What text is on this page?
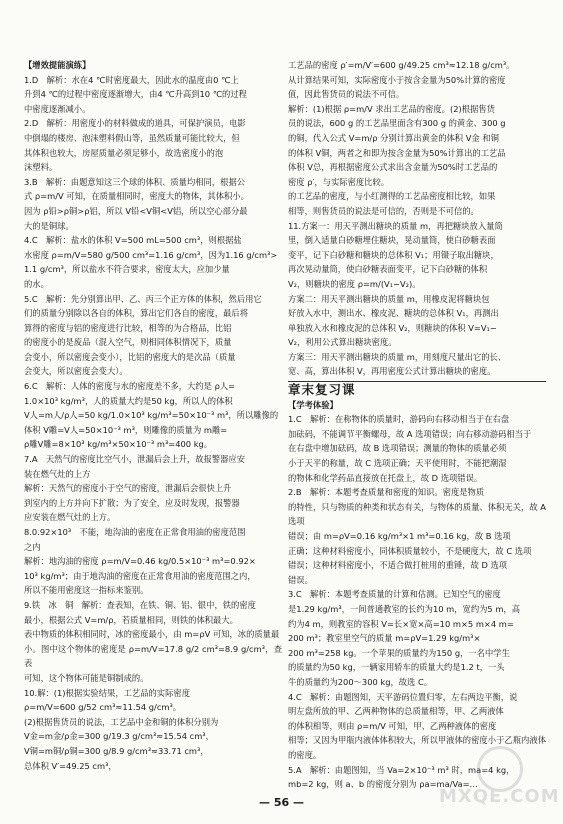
【增效提能演练】

1.D　解析：水在4 ℃时密度最大，因此水的温度由0 ℃上

升到4 ℃的过程中密度逐渐增大，由4 ℃升高到10 ℃的过程

中密度逐渐减小。

2.D　解析：用密度小的材料做成的道具，可保护演员，电影

中倒塌的楼房、泡沫塑料假山等，虽然质量可能比较大，但

其体积也较大，房屋质量必须足够小，故选密度小的泡

沫塑料。

3.B　解析：由题意知这三个球的体积、质量均相同，根据公

式 ρ=m/V 可知，在质量相同时，密度大的物体，其体积小。

因为 ρ铅>ρ铜>ρ铝，所以 V铅<V铜<V铝，所以空心部分最

大的是铜球。

4.C　解析：盐水的体积 V=500 mL=500 cm³，则根据盐

水密度 ρ=m/V=580 g/500 cm³=1.16 g/cm³，因为1.16 g/cm³>

1.1 g/cm³，所以盐水不符合要求，密度太大，应加少量

的水。

5.C　解析：先分别算出甲、乙、丙三个正方体的体积，然后用它

们的质量分别除以各自的体积，算出它们各自的密度，最后将

算得的密度与铝的密度进行比较，相等的为合格品，比铝

的密度小的是废品（混入空气，则相同体积情况下，质量

会变小，所以密度会变小），比铝的密度大的是次品（质量

会变大，所以密度会变大）。

6.C　解析：人体的密度与水的密度差不多，大约是 ρ人=

1.0×10³ kg/m³，人的质量大约是50 kg，所以人的体积

V人=m人/ρ人=50 kg/1.0×10³ kg/m³=50×10⁻³ m³，所以雕像的

体积 V雕=V人=50×10⁻³ m³，则雕像的质量为 m雕=

ρ雕V雕=8×10³ kg/m³×50×10⁻³ m³=400 kg。

7.A　天然气的密度比空气小，泄漏后会上升，故报警器应安

装在燃气灶的上方

解析：天然气的密度小于空气的密度，泄漏后会很快上升

到室内的上方并向下扩散；为了安全，应及时发现，报警器

应安装在燃气灶的上方。

8.0.92×10³　不能，地沟油的密度在正常食用油的密度范围

之内

解析：地沟油的密度 ρ=m/V=0.46 kg/0.5×10⁻³ m³=0.92×

10³ kg/m³；由于地沟油的密度在正常食用油的密度范围之内，

所以不能用密度这一指标来鉴别。

9.铁　冰　铜　解析：查表知，在铁、铜、铝、银中，铁的密度

最小，根据公式 V=m/ρ，若质量相同，则铁的体积最大。

表中物质的体积相同时，冰的密度最小，由 m=ρV 可知，冰的质量最

小。图中这个物体的密度是 ρ=m/V=17.8 g/2 cm³=8.9 g/cm³，查表

可知，这个物体可能是铜制成的。

10.解：(1)根据实验结果，工艺品的实际密度

ρ=m/V=600 g/52 cm³≈11.54 g/cm³。

(2)根据售货员的说法，工艺品中金和铜的体积分别为

V金=m金/ρ金=300 g/19.3 g/cm³≈15.54 cm³，

V铜=m铜/ρ铜=300 g/8.9 g/cm³≈33.71 cm³，

总体积 V′=49.25 cm³，

工艺品的密度 ρ′=m/V′=600 g/49.25 cm³≈12.18 g/cm³。

从计算结果可知，实际密度小于按含金量为50%计算的密度

值，因此售货员的说法不可信。

解析：(1)根据 ρ=m/V 求出工艺品的密度。(2)根据售货

员的说法，600 g 的工艺品里面含有300 g 的黄金、300 g

的铜，代入公式 V=m/ρ 分别计算出黄金的体积 V金 和铜

的体积 V铜，两者之和即为按含金量为50%计算出的工艺品

体积 V总，再根据密度公式求出含金量为50%时工艺品的

密度 ρ′，与实际密度比较。

的工艺品的密度，与小红测得的工艺品密度相比较，如果

相等，则售货员的说法是可信的，否则是不可信的。

11.方案一：用天平测出糖块的质量 m，再把糖块放入量筒

里，倒入适量白砂糖埋住糖块，晃动量筒，使白砂糖表面

变平，记下白砂糖和糖块的总体积 V₁；用镊子取出糖块，

再次晃动量筒，使白砂糖表面变平，记下白砂糖的体积

V₂，则糖块的密度 ρ=m/(V₁−V₂)。

方案二：用天平测出糖块的质量 m，用橡皮泥将糖块包

好放入水中，测出水、橡皮泥、糖块的总体积 V₁，再测出

单独放入水和橡皮泥的总体积 V₂，则糖块的体积 V=V₁−

V₂，利用公式算出糖块密度。

方案三：用天平测出糖块的质量 m，用刻度尺量出它的长、

宽、高，算出体积 V，再用密度公式计算出糖块的密度。

章末复习课

【学考体验】

1.C　解析：在称物体的质量时，游码向右移动相当于在右盘

加砝码，不能调节平衡螺母，故 A 选项错误；向右移动游码相当于

在右盘中增加砝码，故 B 选项错误；测量的物体的质量必须

小于天平的称量，故 C 选项正确；天平使用时，不能把潮湿

的物体和化学药品直接放在托盘上，故 D 选项错误。

2.B　解析：本题考查质量和密度的知识。密度是物质

的特性，只与物质的种类和状态有关，与物体的质量、体积无关，故 A 选项

错误；由 m=ρV=0.16 kg/m³×1 m³=0.16 kg，故 B 选项

正确；这种材料密度小，同体积质量较小，不是硬度大，故 C 选项

错误；这种材料密度小，不适合做打桩用的重锤，故 D 选项

错误。

3.C　解析：本题考查质量的计算和估测。已知空气的密度

是1.29 kg/m³，一间普通教室的长约为10 m，宽约为5 m，高

约为4 m，则教室的容积 V=长×宽×高=10 m×5 m×4 m=

200 m³；教室里空气的质量 m=ρV=1.29 kg/m³×

200 m³=258 kg。一个苹果的质量约为150 g，一名中学生

的质量约为50 kg，一辆家用轿车的质量大约是1.2 t，一头

牛的质量约为200～300 kg，故选 C。

4.C　解析：由题图知，天平游码位置归零，左右两边平衡，说

明左盘所放的甲、乙两种物体的总质量相等，甲、乙两液体

的体积相等，则由 ρ=m/V 可知，甲、乙两种液体的密度

相等；又因为甲瓶内液体体积较大，所以甲液体的密度小于乙瓶内液体的密度。

5.A　解析：由题图知，当 Va=2×10⁻³ m³ 时，ma=4 kg，

mb=2 kg，则 a、b 的密度分别为 ρa=ma/Va=…

— 56 —	MXQE.COM
